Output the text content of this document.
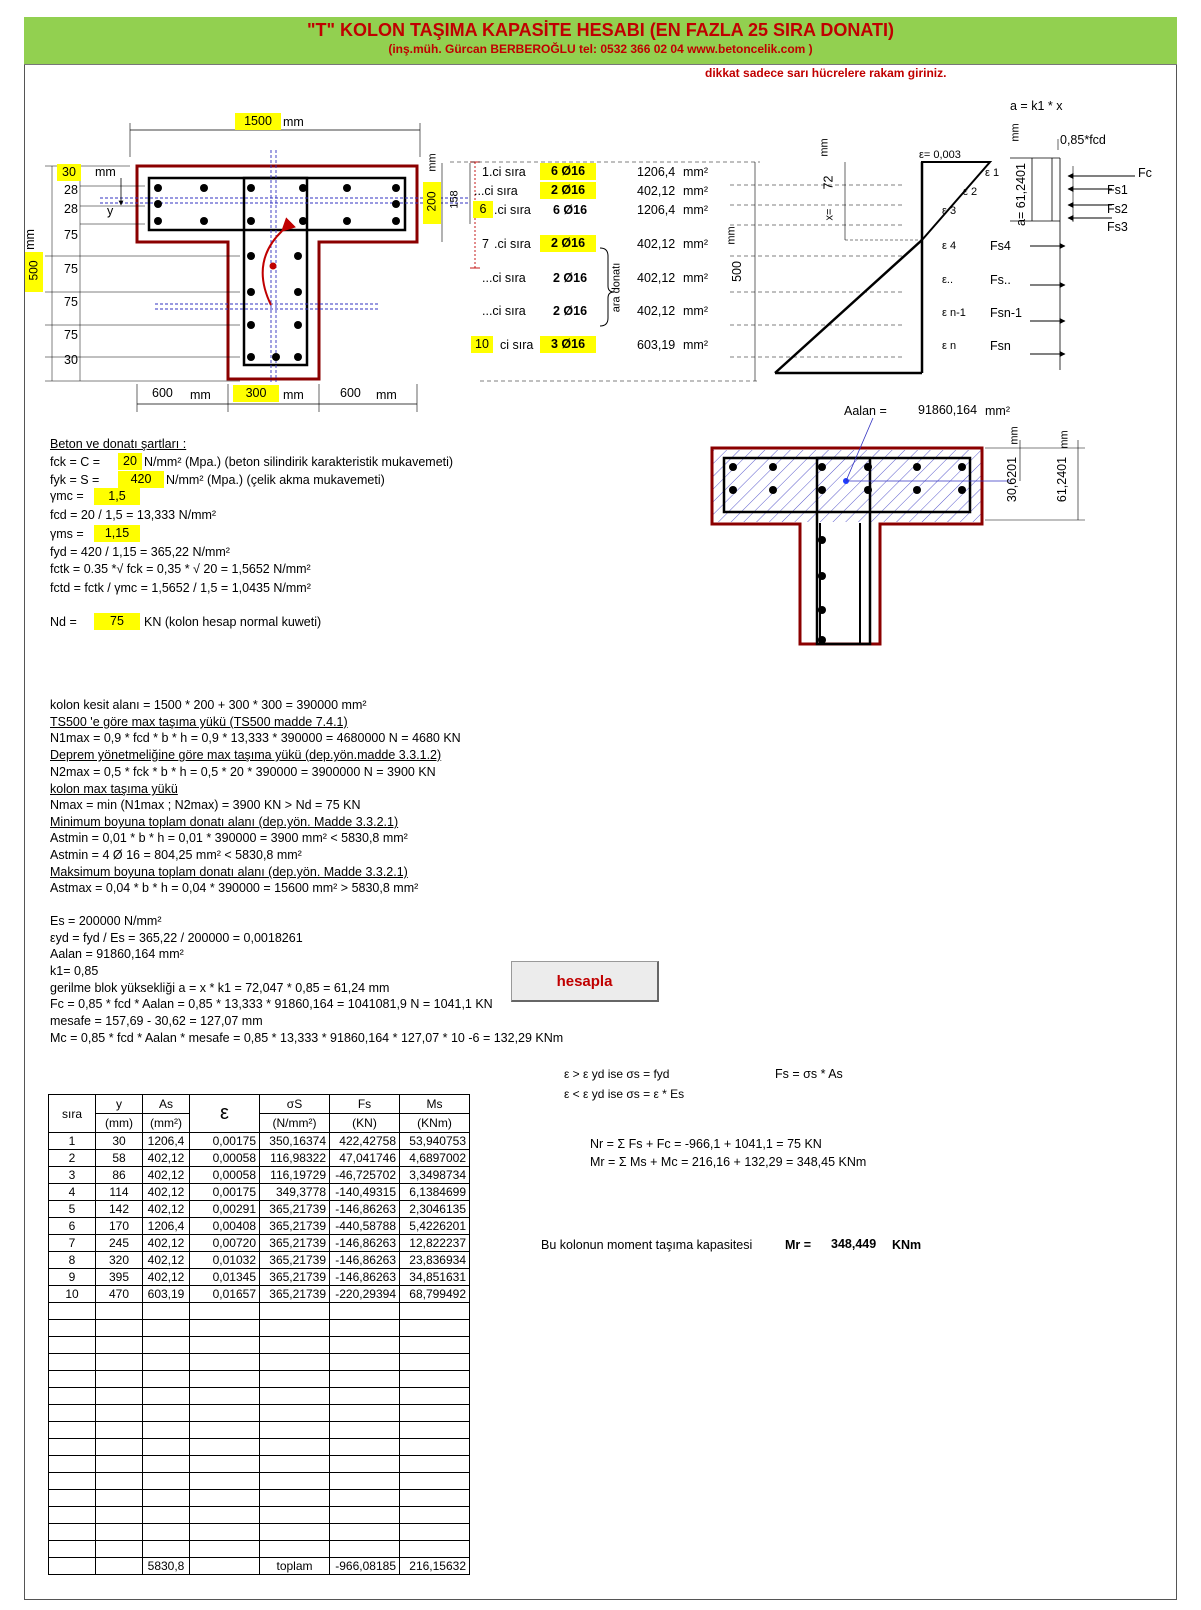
"T" KOLON TAŞIMA KAPASİTE HESABI (EN FAZLA 25 SIRA DONATI)
(inş.müh. Gürcan BERBEROĞLU tel: 0532 366 02 04 www.betoncelik.com )
dikkat sadece sarı hücrelere rakam giriniz.
1500 mm
30	mm
28
28 y
75
75
75
75
30
500
mm
600 mm	300	mm	600 mm
200
mm
158
1.ci sıra	6 Ø16	1206,4 mm²
...ci sıra	2 Ø16	402,12 mm²
6 .ci sıra 6 Ø16	1206,4 mm²
7 .ci sıra	2 Ø16	402,12 mm²
...ci sıra 2 Ø16	402,12 mm²
...ci sıra 2 Ø16	402,12 mm²
10 ci sıra	3 Ø16	603,19 mm²
ara donatı
mm
72
x=
mm
500
ε= 0,003
ε 1
ε 2
ε 3
ε 4
ε..
ε n-1
ε n
a = k1 * x
0,85*fcd
mm
a= 61,2401	Fc
Fs1
Fs2
Fs3
Fs4
Fs..
Fsn-1
Fsn
Aalan =	91860,164 mm²
mm
30,6201
mm
61,2401
Beton ve donatı şartları :
fck = C =	20 N/mm² (Mpa.) (beton silindirik karakteristik mukavemeti)
fyk = S =	420	N/mm² (Mpa.) (çelik akma mukavemeti)
γmc =	1,5
fcd = 20 / 1,5 = 13,333 N/mm²
γms =	1,15
fyd = 420 / 1,15 = 365,22 N/mm²
fctk = 0.35 *√ fck = 0,35 * √ 20 = 1,5652 N/mm²
fctd = fctk / γmc = 1,5652 / 1,5 = 1,0435 N/mm²
Nd =	75	KN (kolon hesap normal kuweti)
kolon kesit alanı = 1500 * 200 + 300 * 300 = 390000 mm²
TS500 'e göre max taşıma yükü (TS500 madde 7.4.1)
N1max = 0,9 * fcd * b * h = 0,9 * 13,333 * 390000 = 4680000 N = 4680 KN
Deprem yönetmeliğine göre max taşıma yükü (dep.yön.madde 3.3.1.2)
N2max = 0,5 * fck * b * h = 0,5 * 20 * 390000 = 3900000 N = 3900 KN
kolon max taşıma yükü
Nmax = min (N1max ; N2max) = 3900 KN > Nd = 75 KN
Minimum boyuna toplam donatı alanı (dep.yön. Madde 3.3.2.1)
Astmin = 0,01 * b * h = 0,01 * 390000 = 3900 mm² < 5830,8 mm²
Astmin = 4 Ø 16 = 804,25 mm² < 5830,8 mm²
Maksimum boyuna toplam donatı alanı (dep.yön. Madde 3.3.2.1)
Astmax = 0,04 * b * h = 0,04 * 390000 = 15600 mm² > 5830,8 mm²
Es = 200000 N/mm²
εyd = fyd / Es = 365,22 / 200000 = 0,0018261
Aalan = 91860,164 mm²
k1= 0,85
gerilme blok yüksekliği a = x * k1 = 72,047 * 0,85 = 61,24 mm
Fc = 0,85 * fcd * Aalan = 0,85 * 13,333 * 91860,164 = 1041081,9 N = 1041,1 KN
mesafe = 157,69 - 30,62 = 127,07 mm
Mc = 0,85 * fcd * Aalan * mesafe = 0,85 * 13,333 * 91860,164 * 127,07 * 10 -6 = 132,29 KNm
hesapla
ε > ε yd ise σs = fyd	Fs = σs * As
ε < ε yd ise σs = ε * Es
Nr = Σ Fs + Fc = -966,1 + 1041,1 = 75 KN
Mr = Σ Ms + Mc = 216,16 + 132,29 = 348,45 KNm
Bu kolonun moment taşıma kapasitesi	Mr = 348,449 KNm
sıra	y	As	ε	σS	Fs	Ms
	(mm)	(mm²)		(N/mm²)	(KN)	(KNm)
1	30	1206,4	0,00175	350,16374	422,42758	53,940753
2	58	402,12	0,00058	116,98322	47,041746	4,6897002
3	86	402,12	0,00058	116,19729	-46,725702	3,3498734
4	114	402,12	0,00175	349,3778	-140,49315	6,1384699
5	142	402,12	0,00291	365,21739	-146,86263	2,3046135
6	170	1206,4	0,00408	365,21739	-440,58788	5,4226201
7	245	402,12	0,00720	365,21739	-146,86263	12,822237
8	320	402,12	0,01032	365,21739	-146,86263	23,836934
9	395	402,12	0,01345	365,21739	-146,86263	34,851631
10	470	603,19	0,01657	365,21739	-220,29394	68,799492

		5830,8		toplam	-966,08185	216,15632
